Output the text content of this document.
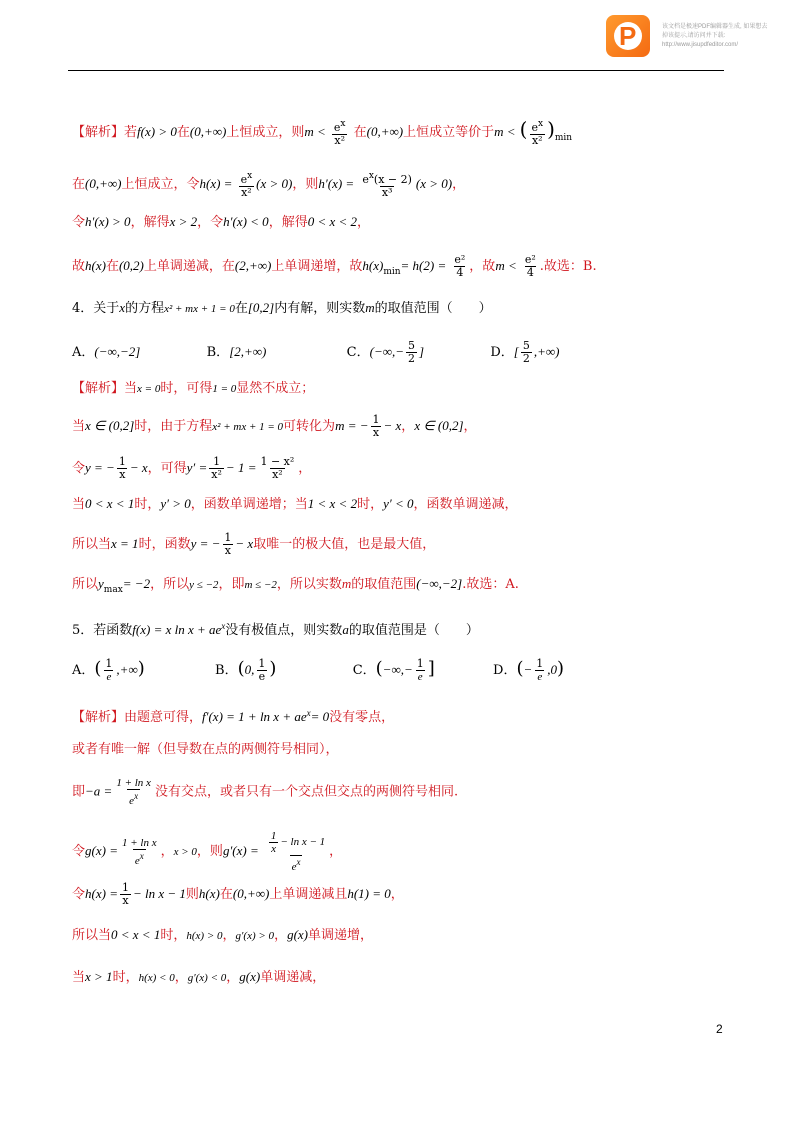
P	该文档是极速PDF编辑器生成, 如果想去掉该提示,请访问并下载: http://www.jisupdfeditor.com/
【解析】若f(x) > 0在(0,+∞)上恒成立，则$m < \frac{e^x}{\text{x²}}$ 在(0,+∞)上恒成立等价于m < ( $\frac{e^x}{\text{x²}} )_{min}$
在(0,+∞)上恒成立，令$h(x) = \frac{e^x}{\text{x²}} (x > 0)$，则$h'(x) = \frac{e^x(x - 2)}{\text{x³}} (x > 0)$，
令h′(x) > 0，解得x > 2，令h′(x) < 0，解得0 < x < 2，
故h(x)在(0,2)上单调递减，在(2,+∞)上单调递增，故$h(x)_{min}= h(2) = \frac{\text{e²}}{4}$ ，故$m < \frac{\text{e²}}{4}$ .故选：B.
4．关于x的方程x² + mx + 1 = 0在[0,2]内有解，则实数m的取值范围（　　）
A．(−∞,−2]	B．[2,+∞)	C．(−∞,− $\frac{5}{2}$ ]	D．[ $\frac{5}{2}$ ,+∞)
【解析】当x = 0时，可得1 = 0显然不成立；
当x ∈ (0,2]时，由于方程x² + mx + 1 = 0可转化为m = − $\frac{1}{x} - x$，x ∈ (0,2]，
令y = − $\frac{1}{x} - x$，可得$y' = \frac{1}{\text{x²}} - 1 = \frac{\text{1 − x²}}{\text{x²}}$ ，
当0 < x < 1时，y′ > 0，函数单调递增；当1 < x < 2时，y′ < 0，函数单调递减，
所以当x = 1时，函数y = − $\frac{1}{x} - x$取唯一的极大值，也是最大值，
所以$y_{max}= -2$，所以y ≤ −2，即m ≤ −2，所以实数m的取值范围(−∞,−2].故选：A.
5．若函数f(x) = x $\ln x + ae^x$没有极值点，则实数a的取值范围是（　　）
A．( $\frac{1}{e}$ ,+∞)	B．(0, $\frac{1}{e}$ )	C．(−∞,− $\frac{1}{e}$ ]	D．(− $\frac{1}{e} ,0$)
【解析】由题意可得，$f'(x) = 1 + \ln x + ae^x= 0$没有零点，
或者有唯一解（但导数在点的两侧符号相同），
即$-a = \frac{\text{1 + ln x}}{e^x}$ 没有交点，或者只有一个交点但交点的两侧符号相同.
令$g(x) = \frac{\text{1 + ln x}}{e^x}$ ，x > 0，则$g'(x) = \frac{\frac{1}{x} - \ln x - 1}{e^x}$ ，
令$h(x) = \frac{1}{x} - \ln x - 1$则h(x)在(0,+∞)上单调递减且h(1) = 0，
所以当0 < x < 1时，h(x) > 0，g′(x) > 0，g(x)单调递增，
当x > 1时，h(x) < 0，g′(x) < 0，g(x)单调递减，
2
